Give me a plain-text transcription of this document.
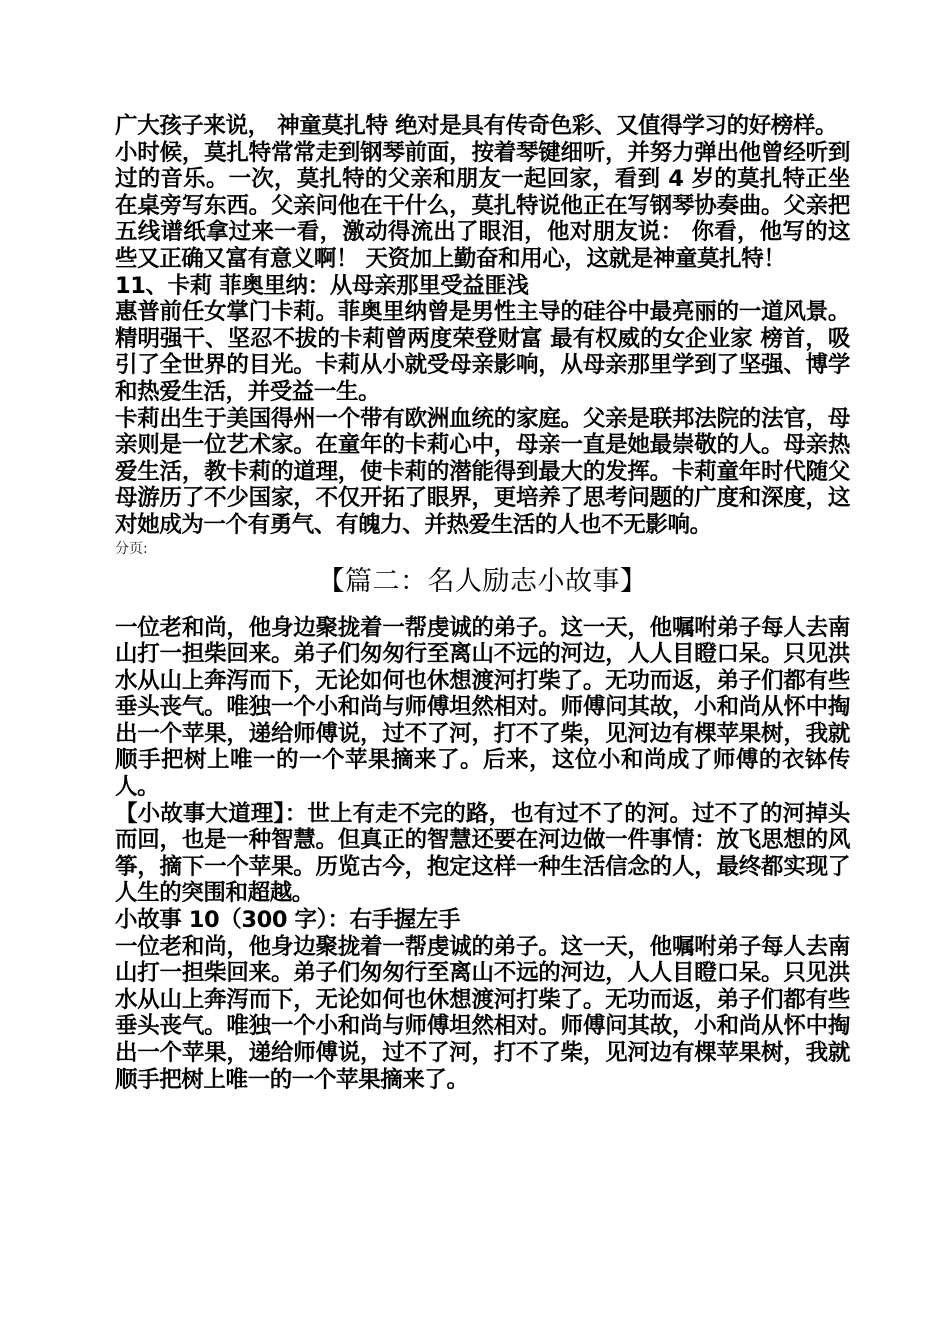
广大孩子来说， 神童莫扎特 绝对是具有传奇色彩、又值得学习的好榜样。

小时候，莫扎特常常走到钢琴前面，按着琴键细听，并努力弹出他曾经听到过的音乐。一次，莫扎特的父亲和朋友一起回家，看到 4 岁的莫扎特正坐在桌旁写东西。父亲问他在干什么，莫扎特说他正在写钢琴协奏曲。父亲把五线谱纸拿过来一看，激动得流出了眼泪，他对朋友说： 你看，他写的这些又正确又富有意义啊！ 天资加上勤奋和用心，这就是神童莫扎特！

11、卡莉 菲奥里纳：从母亲那里受益匪浅

惠普前任女掌门卡莉。菲奥里纳曾是男性主导的硅谷中最亮丽的一道风景。精明强干、坚忍不拔的卡莉曾两度荣登财富 最有权威的女企业家 榜首，吸引了全世界的目光。卡莉从小就受母亲影响，从母亲那里学到了坚强、博学和热爱生活，并受益一生。

卡莉出生于美国得州一个带有欧洲血统的家庭。父亲是联邦法院的法官，母亲则是一位艺术家。在童年的卡莉心中，母亲一直是她最崇敬的人。母亲热爱生活，教卡莉的道理，使卡莉的潜能得到最大的发挥。卡莉童年时代随父母游历了不少国家，不仅开拓了眼界，更培养了思考问题的广度和深度，这对她成为一个有勇气、有魄力、并热爱生活的人也不无影响。

分页:
【篇二：名人励志小故事】

一位老和尚，他身边聚拢着一帮虔诚的弟子。这一天，他嘱咐弟子每人去南山打一担柴回来。弟子们匆匆行至离山不远的河边，人人目瞪口呆。只见洪水从山上奔泻而下，无论如何也休想渡河打柴了。无功而返，弟子们都有些垂头丧气。唯独一个小和尚与师傅坦然相对。师傅问其故，小和尚从怀中掏出一个苹果，递给师傅说，过不了河，打不了柴，见河边有棵苹果树，我就顺手把树上唯一的一个苹果摘来了。后来，这位小和尚成了师傅的衣钵传人。

【小故事大道理】：世上有走不完的路，也有过不了的河。过不了的河掉头而回，也是一种智慧。但真正的智慧还要在河边做一件事情：放飞思想的风筝，摘下一个苹果。历览古今，抱定这样一种生活信念的人，最终都实现了人生的突围和超越。

小故事 10（300 字）：右手握左手

一位老和尚，他身边聚拢着一帮虔诚的弟子。这一天，他嘱咐弟子每人去南山打一担柴回来。弟子们匆匆行至离山不远的河边，人人目瞪口呆。只见洪水从山上奔泻而下，无论如何也休想渡河打柴了。无功而返，弟子们都有些垂头丧气。唯独一个小和尚与师傅坦然相对。师傅问其故，小和尚从怀中掏出一个苹果，递给师傅说，过不了河，打不了柴，见河边有棵苹果树，我就顺手把树上唯一的一个苹果摘来了。
